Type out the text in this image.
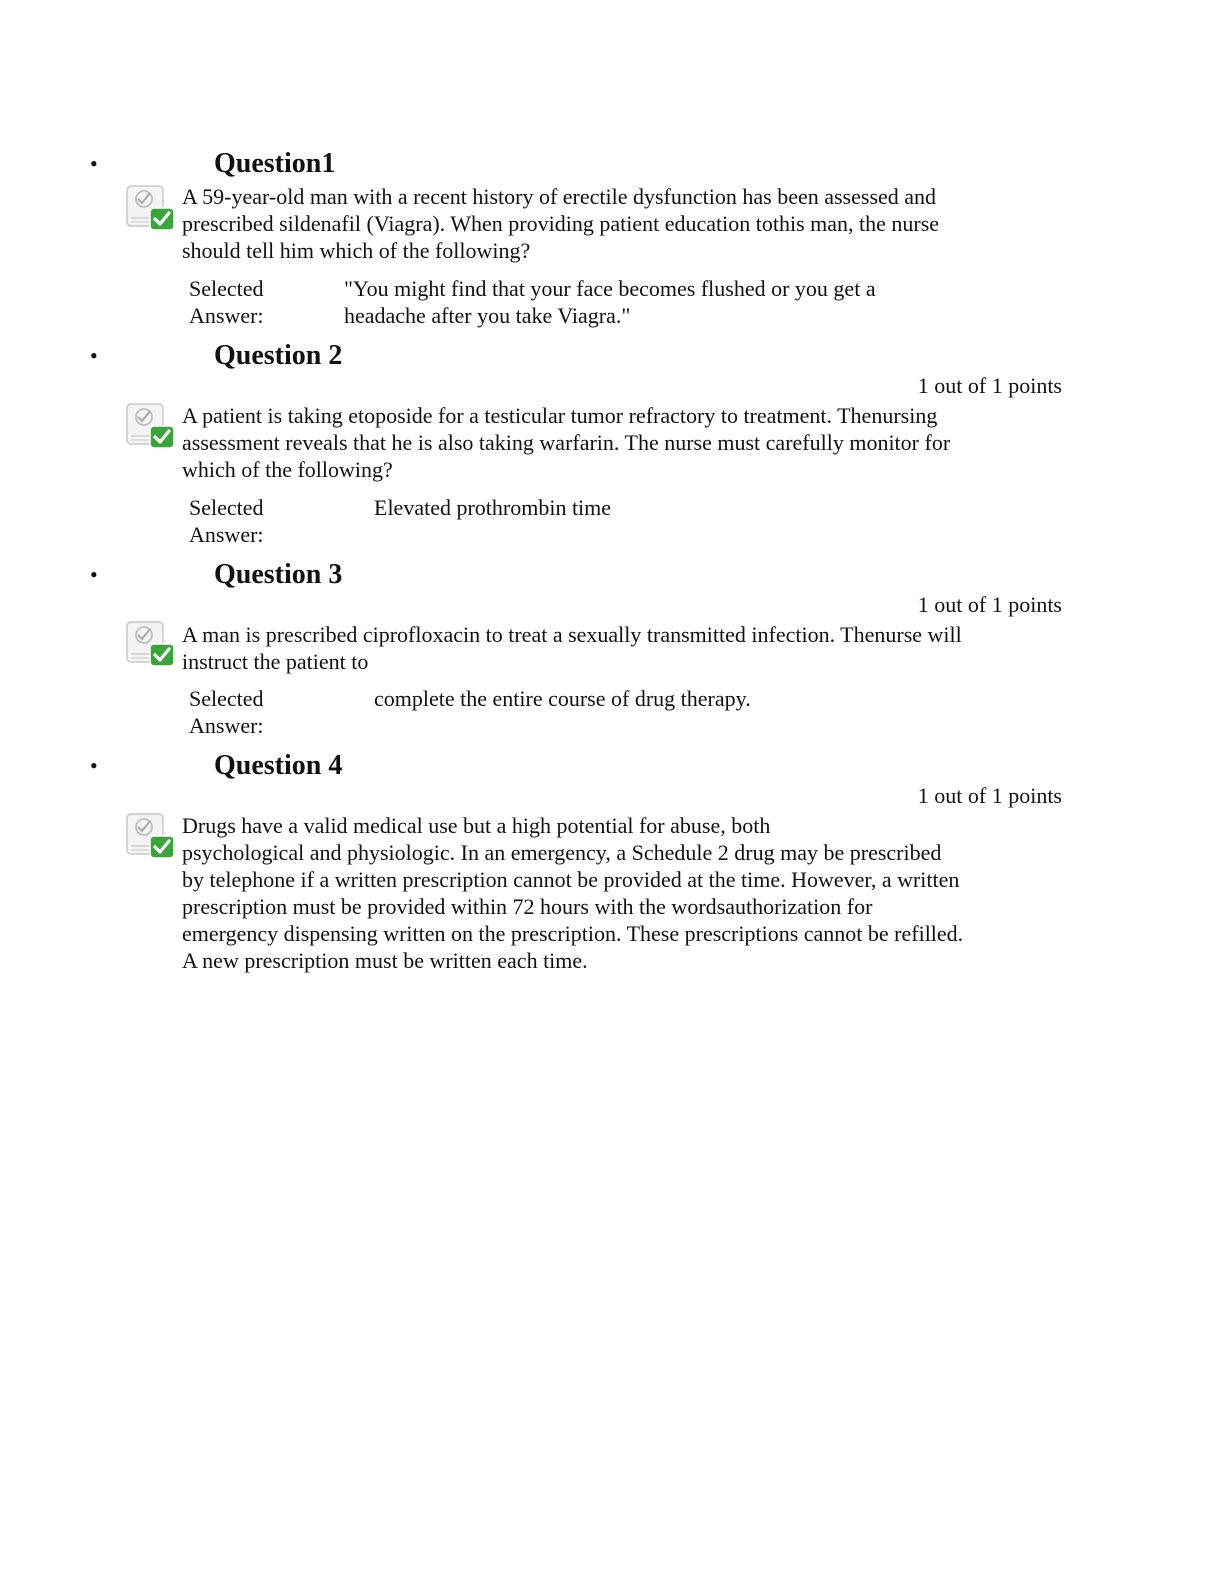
•	Question1

A 59-year-old man with a recent history of erectile dysfunction has been assessed and
prescribed sildenafil (Viagra). When providing patient education tothis man, the nurse
should tell him which of the following?

Selected
Answer:
"You might find that your face becomes flushed or you get a
headache after you take Viagra."
•	Question 2
1 out of 1 points

A patient is taking etoposide for a testicular tumor refractory to treatment. Thenursing
assessment reveals that he is also taking warfarin. The nurse must carefully monitor for
which of the following?

Selected
Answer:
Elevated prothrombin time
•	Question 3
1 out of 1 points

A man is prescribed ciprofloxacin to treat a sexually transmitted infection. Thenurse will
instruct the patient to

Selected
Answer:
complete the entire course of drug therapy.
•	Question 4
1 out of 1 points

Drugs have a valid medical use but a high potential for abuse, both
psychological and physiologic. In an emergency, a Schedule 2 drug may be prescribed
by telephone if a written prescription cannot be provided at the time. However, a written
prescription must be provided within 72 hours with the wordsauthorization for
emergency dispensing written on the prescription. These prescriptions cannot be refilled.
A new prescription must be written each time.
